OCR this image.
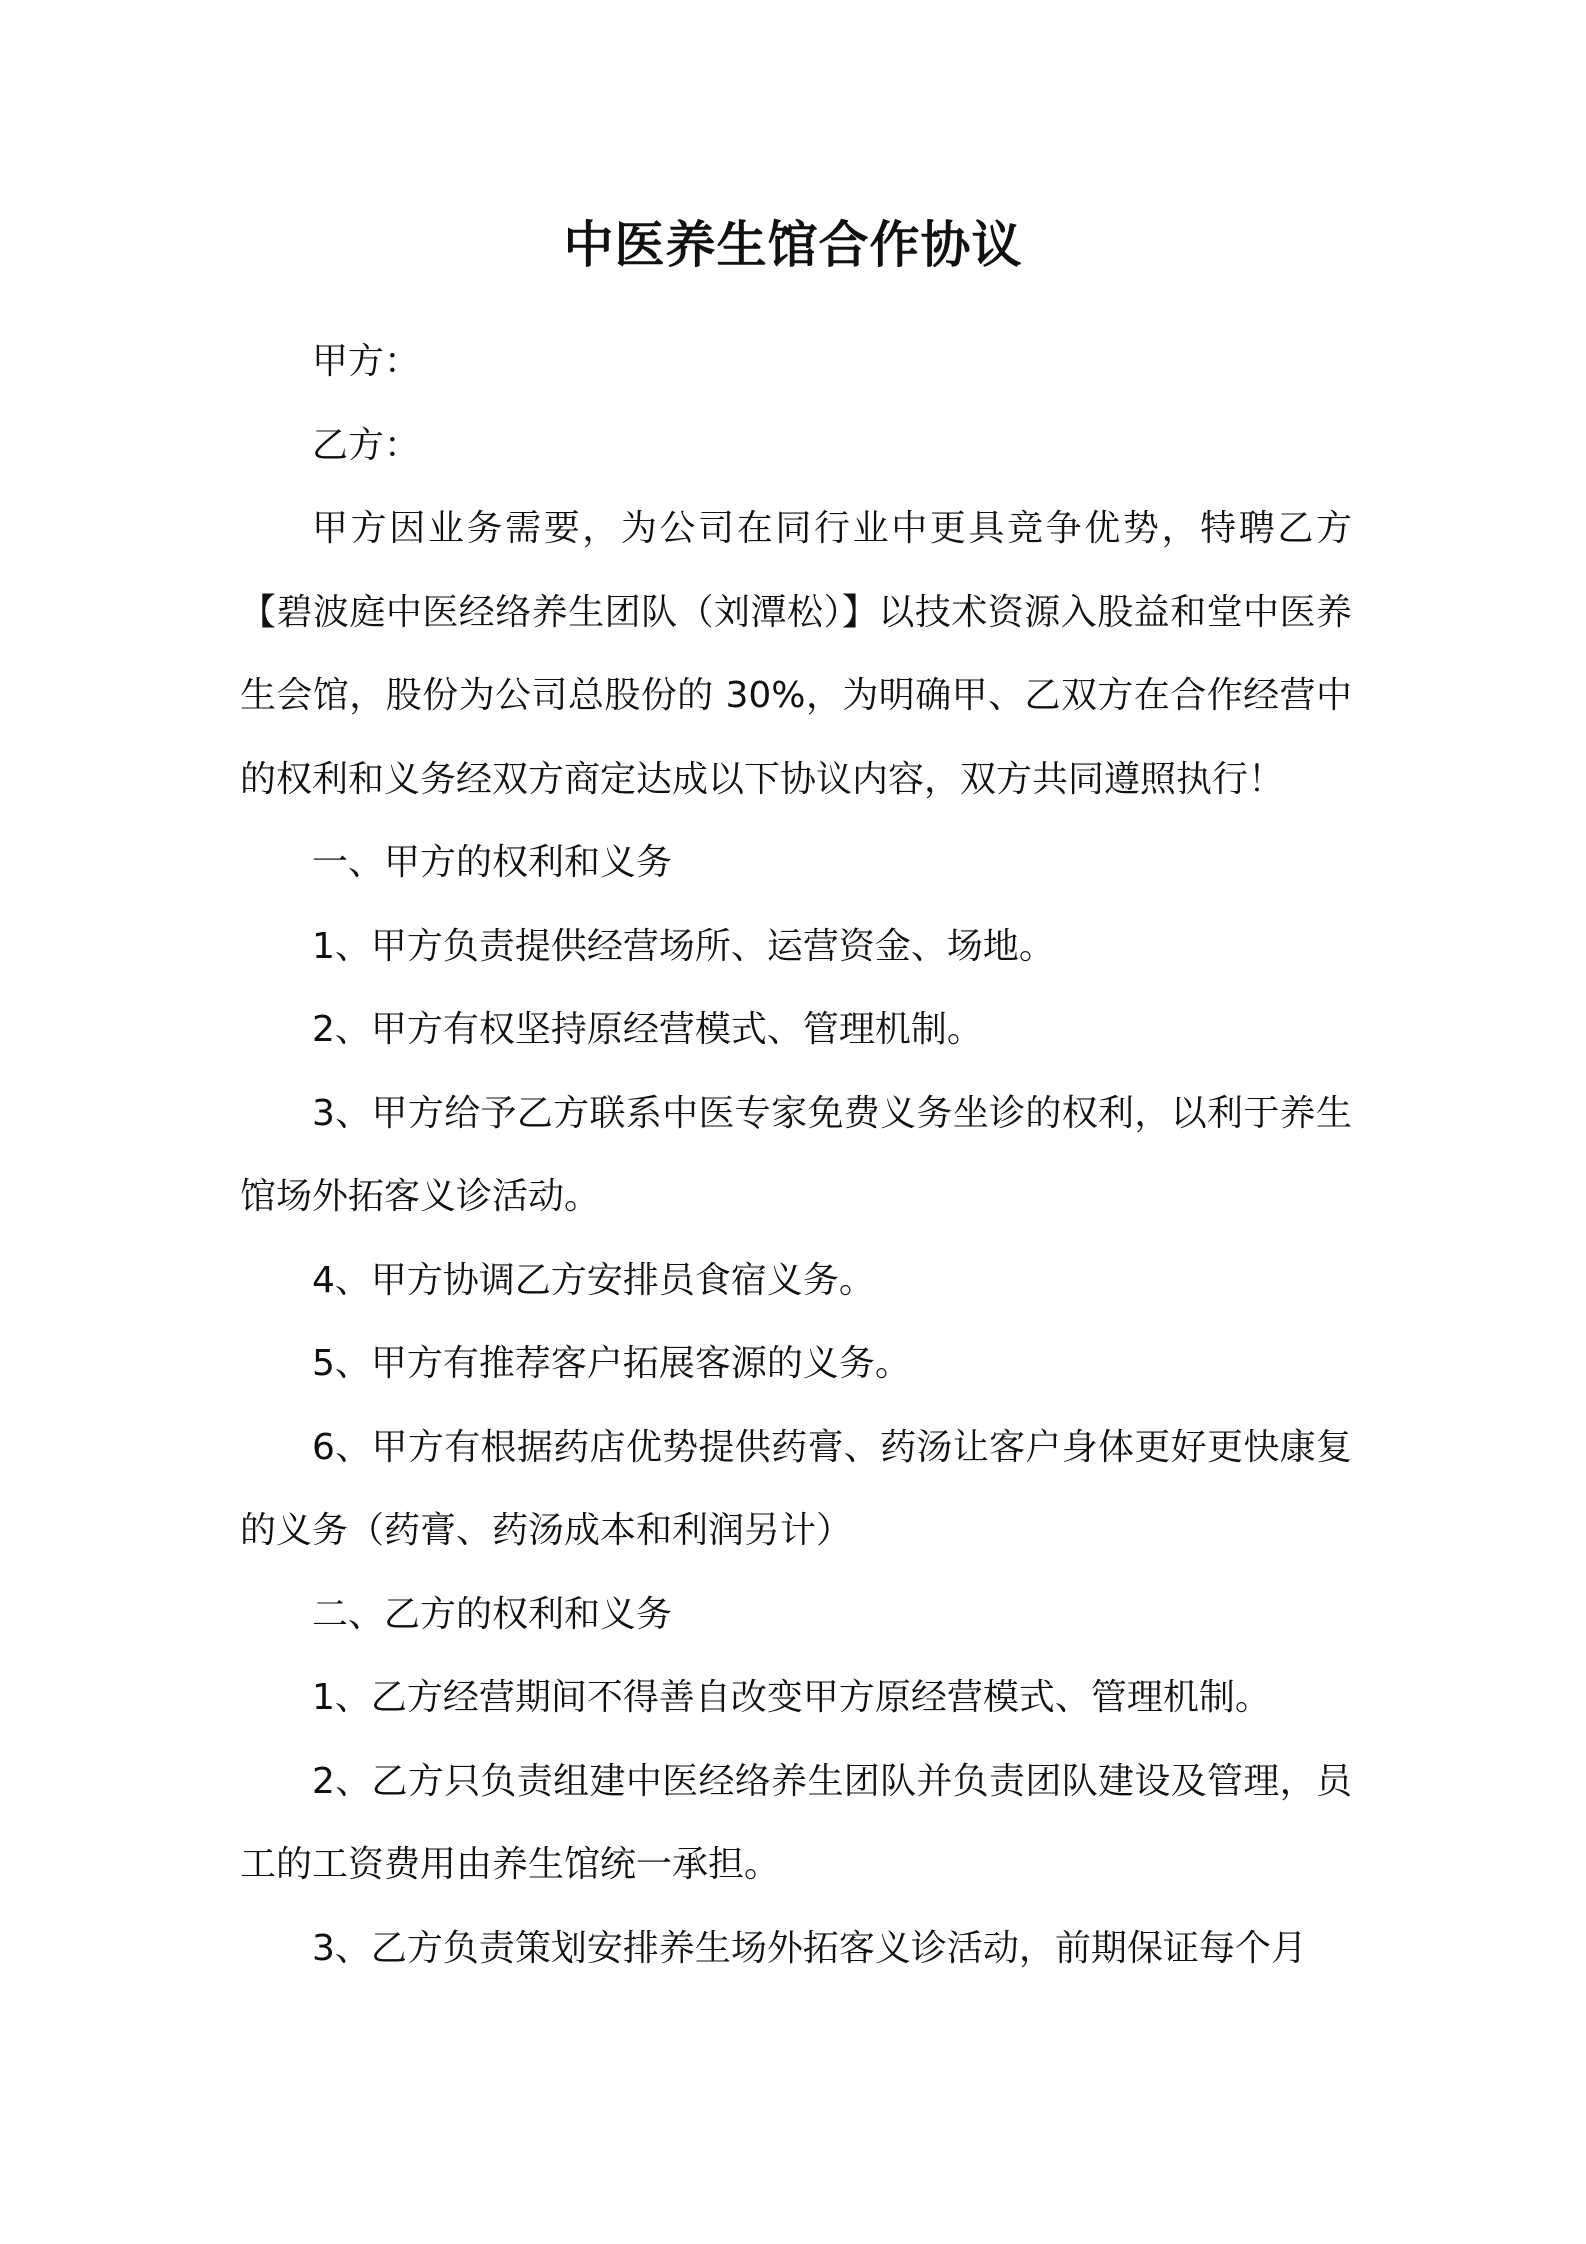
中医养生馆合作协议

甲方：

乙方：

甲方因业务需要，为公司在同行业中更具竞争优势，特聘乙方【碧波庭中医经络养生团队（刘潭松）】以技术资源入股益和堂中医养生会馆，股份为公司总股份的 30%，为明确甲、乙双方在合作经营中的权利和义务经双方商定达成以下协议内容，双方共同遵照执行！

一、甲方的权利和义务

1、甲方负责提供经营场所、运营资金、场地。

2、甲方有权坚持原经营模式、管理机制。

3、甲方给予乙方联系中医专家免费义务坐诊的权利，以利于养生馆场外拓客义诊活动。

4、甲方协调乙方安排员食宿义务。

5、甲方有推荐客户拓展客源的义务。

6、甲方有根据药店优势提供药膏、药汤让客户身体更好更快康复的义务（药膏、药汤成本和利润另计）

二、乙方的权利和义务

1、乙方经营期间不得善自改变甲方原经营模式、管理机制。

2、乙方只负责组建中医经络养生团队并负责团队建设及管理，员工的工资费用由养生馆统一承担。

3、乙方负责策划安排养生场外拓客义诊活动，前期保证每个月
